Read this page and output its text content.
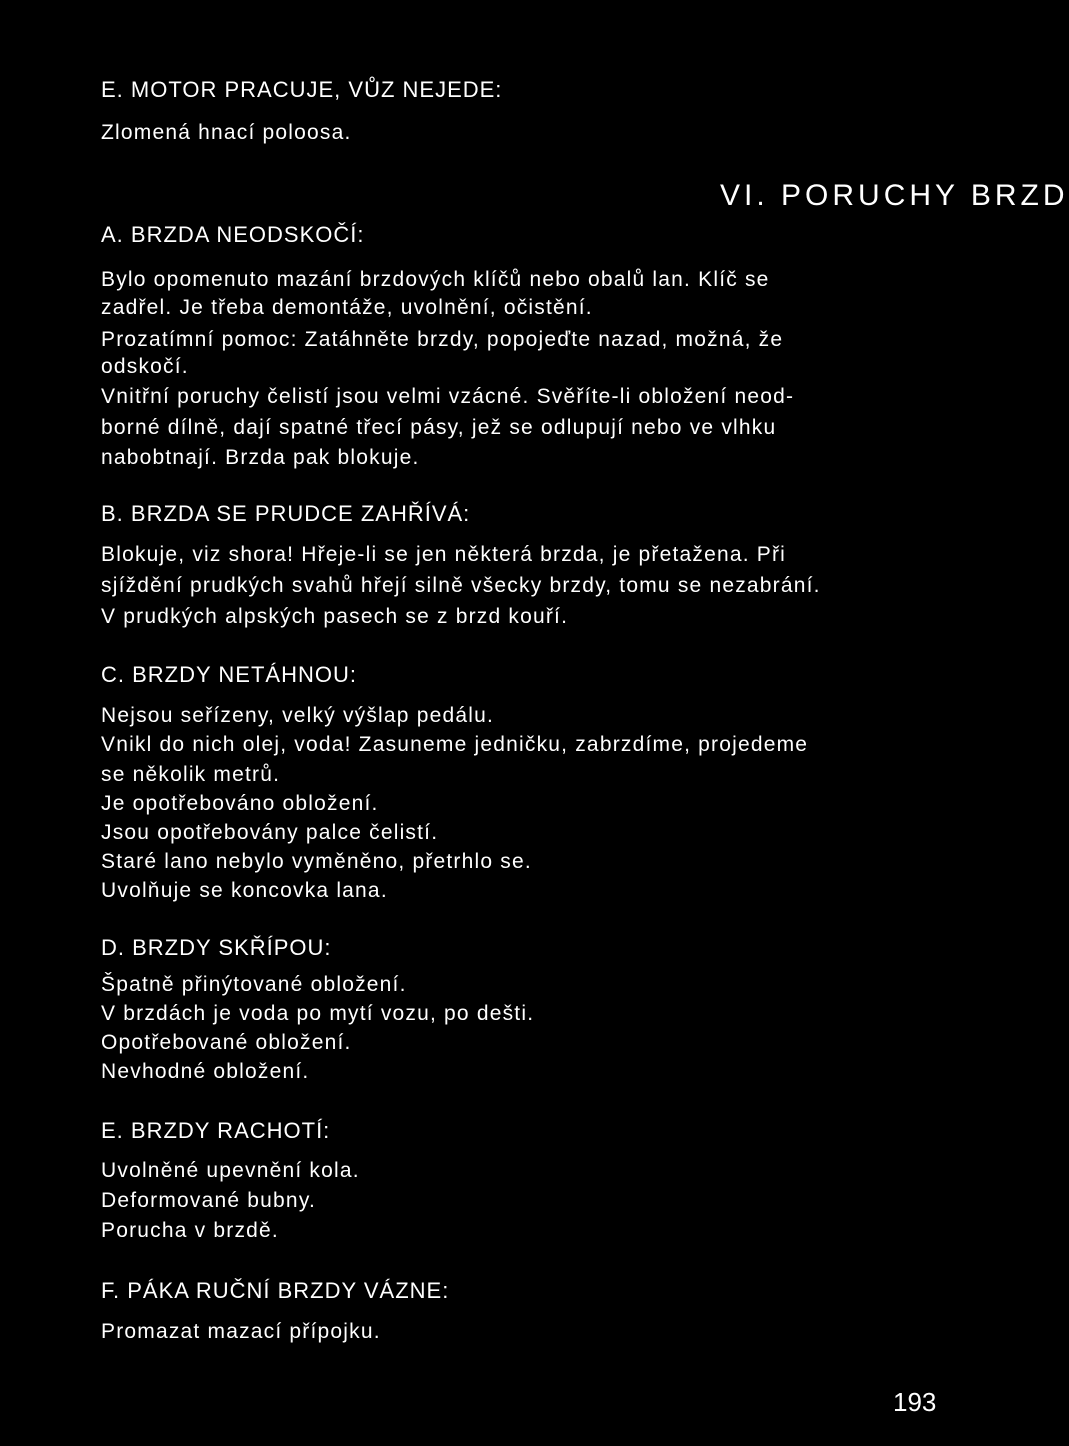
E. MOTOR PRACUJE, VŮZ NEJEDE:
Zlomená hnací poloosa.
VI. PORUCHY BRZD
A. BRZDA NEODSKOČÍ:
Bylo opomenuto mazání brzdových klíčů nebo obalů lan. Klíč se
zadřel. Je třeba demontáže, uvolnění, očistění.
Prozatímní pomoc: Zatáhněte brzdy, popojeďte nazad, možná, že
odskočí.
Vnitřní poruchy čelistí jsou velmi vzácné. Svěříte-li obložení neod-
borné dílně, dají spatné třecí pásy, jež se odlupují nebo ve vlhku
nabobtnají. Brzda pak blokuje.
B. BRZDA SE PRUDCE ZAHŘÍVÁ:
Blokuje, viz shora! Hřeje-li se jen některá brzda, je přetažena. Při
sjíždění prudkých svahů hřejí silně všecky brzdy, tomu se nezabrání.
V prudkých alpských pasech se z brzd kouří.
C. BRZDY NETÁHNOU:
Nejsou seřízeny, velký výšlap pedálu.
Vnikl do nich olej, voda! Zasuneme jedničku, zabrzdíme, projedeme
se několik metrů.
Je opotřebováno obložení.
Jsou opotřebovány palce čelistí.
Staré lano nebylo vyměněno, přetrhlo se.
Uvolňuje se koncovka lana.
D. BRZDY SKŘÍPOU:
Špatně přinýtované obložení.
V brzdách je voda po mytí vozu, po dešti.
Opotřebované obložení.
Nevhodné obložení.
E. BRZDY RACHOTÍ:
Uvolněné upevnění kola.
Deformované bubny.
Porucha v brzdě.
F. PÁKA RUČNÍ BRZDY VÁZNE:
Promazat mazací přípojku.
193
